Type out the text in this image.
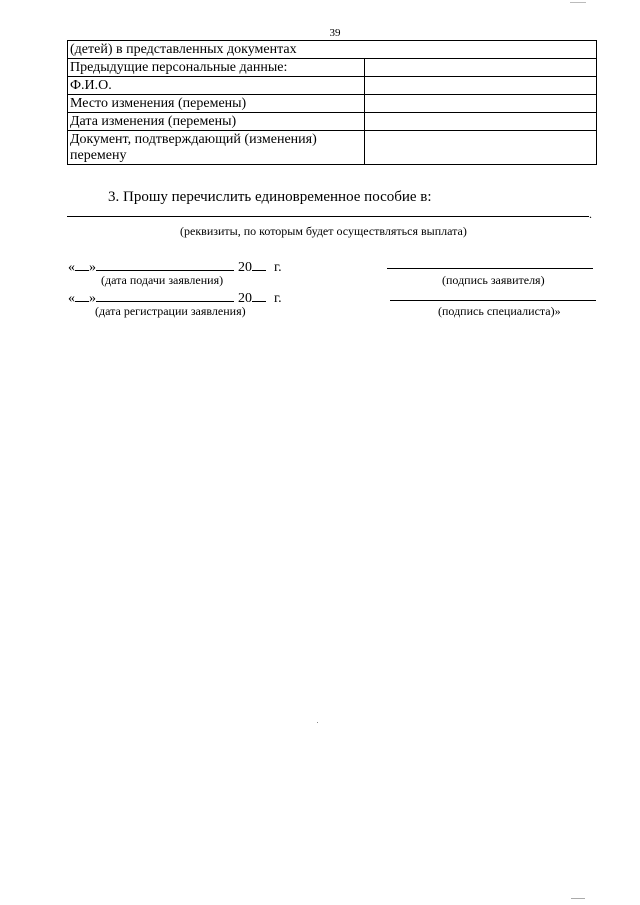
39
(детей) в представленных документах	
Предыдущие персональные данные:	
Ф.И.О.	
Место изменения (перемены)	
Дата изменения (перемены)	
Документ, подтверждающий (изменения) перемену	
3. Прошу перечислить единовременное пособие в:
.
(реквизиты, по которым будет осуществляться выплата)
« »	20 г.
(дата подачи заявления)	(подпись заявителя)
« »	20 г.
(дата регистрации заявления)	(подпись специалиста)»
